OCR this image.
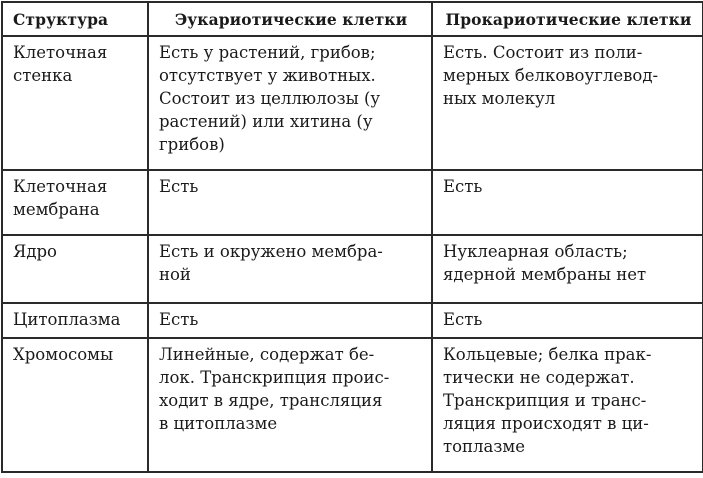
Структура	Эукариотические клетки	Прокариотические клетки

Клеточная
стенка	Есть у растений, грибов;
отсутствует у животных.
Состоит из целлюлозы (у
растений) или хитина (у
грибов)	Есть. Состоит из поли-
мерных белковоуглевод-
ных молекул

Клеточная
мембрана	Есть	Есть

Ядро	Есть и окружено мембра-
ной	Нуклеарная область;
ядерной мембраны нет

Цитоплазма	Есть	Есть

Хромосомы	Линейные, содержат бе-
лок. Транскрипция проис-
ходит в ядре, трансляция
в цитоплазме	Кольцевые; белка прак-
тически не содержат.
Транскрипция и транс-
ляция происходят в ци-
топлазме
